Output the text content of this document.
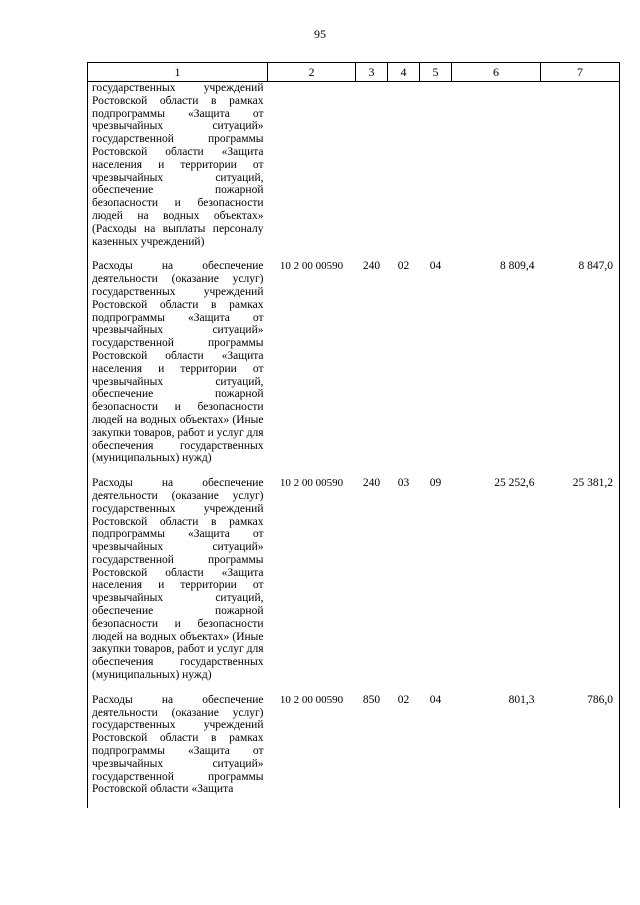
95
1	2	3	4	5	6	7
государственных учреждений Ростовской области в рамках подпрограммы «Защита от чрезвычайных ситуаций» государственной программы Ростовской области «Защита населения и территории от чрезвычайных ситуаций, обеспечение пожарной безопасности и безопасности людей на водных объектах» (Расходы на выплаты персоналу казенных учреждений)						
Расходы на обеспечение деятельности (оказание услуг) государственных учреждений Ростовской области в рамках подпрограммы «Защита от чрезвычайных ситуаций» государственной программы Ростовской области «Защита населения и территории от чрезвычайных ситуаций, обеспечение пожарной безопасности и безопасности людей на водных объектах» (Иные закупки товаров, работ и услуг для обеспечения государственных (муниципальных) нужд)	10 2 00 00590	240	02	04	8 809,4	8 847,0
Расходы на обеспечение деятельности (оказание услуг) государственных учреждений Ростовской области в рамках подпрограммы «Защита от чрезвычайных ситуаций» государственной программы Ростовской области «Защита населения и территории от чрезвычайных ситуаций, обеспечение пожарной безопасности и безопасности людей на водных объектах» (Иные закупки товаров, работ и услуг для обеспечения государственных (муниципальных) нужд)	10 2 00 00590	240	03	09	25 252,6	25 381,2
Расходы на обеспечение деятельности (оказание услуг) государственных учреждений Ростовской области в рамках подпрограммы «Защита от чрезвычайных ситуаций» государственной программы Ростовской области «Защита	10 2 00 00590	850	02	04	801,3	786,0
